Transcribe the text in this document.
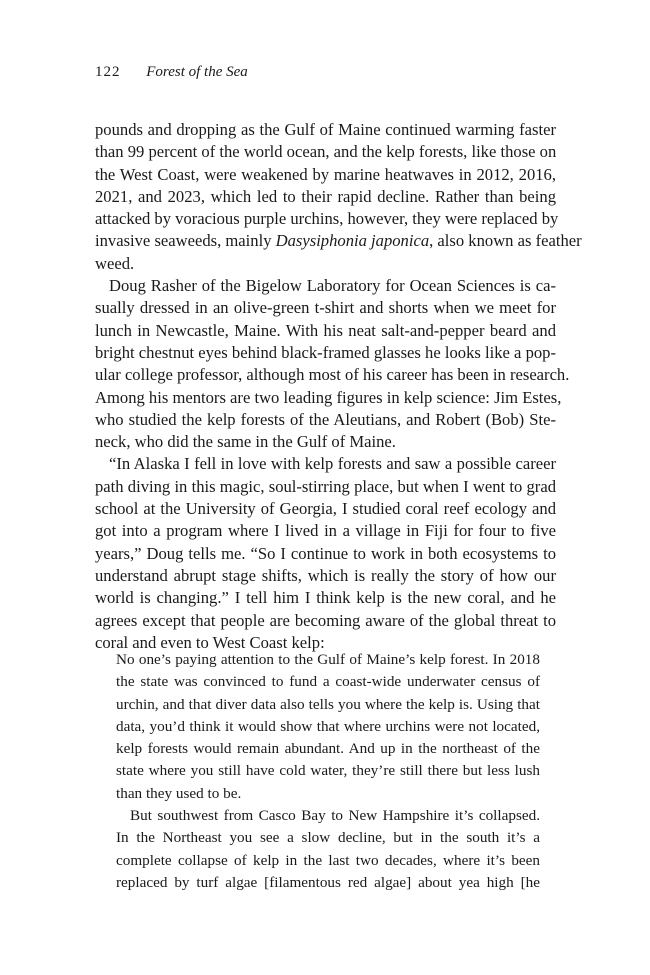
122 Forest of the Sea
pounds and dropping as the Gulf of Maine continued warming faster
than 99 percent of the world ocean, and the kelp forests, like those on
the West Coast, were weakened by marine heatwaves in 2012, 2016,
2021, and 2023, which led to their rapid decline. Rather than being
attacked by voracious purple urchins, however, they were replaced by
invasive seaweeds, mainly Dasysiphonia japonica, also known as feather
weed.
Doug Rasher of the Bigelow Laboratory for Ocean Sciences is ca-
sually dressed in an olive-green t-shirt and shorts when we meet for
lunch in Newcastle, Maine. With his neat salt-and-pepper beard and
bright chestnut eyes behind black-framed glasses he looks like a pop-
ular college professor, although most of his career has been in research.
Among his mentors are two leading figures in kelp science: Jim Estes,
who studied the kelp forests of the Aleutians, and Robert (Bob) Ste-
neck, who did the same in the Gulf of Maine.
“In Alaska I fell in love with kelp forests and saw a possible career
path diving in this magic, soul-stirring place, but when I went to grad
school at the University of Georgia, I studied coral reef ecology and
got into a program where I lived in a village in Fiji for four to five
years,” Doug tells me. “So I continue to work in both ecosystems to
understand abrupt stage shifts, which is really the story of how our
world is changing.” I tell him I think kelp is the new coral, and he
agrees except that people are becoming aware of the global threat to
coral and even to West Coast kelp:
No one’s paying attention to the Gulf of Maine’s kelp forest. In 2018
the state was convinced to fund a coast-wide underwater census of
urchin, and that diver data also tells you where the kelp is. Using that
data, you’d think it would show that where urchins were not located,
kelp forests would remain abundant. And up in the northeast of the
state where you still have cold water, they’re still there but less lush
than they used to be.
But southwest from Casco Bay to New Hampshire it’s collapsed.
In the Northeast you see a slow decline, but in the south it’s a
complete collapse of kelp in the last two decades, where it’s been
replaced by turf algae [filamentous red algae] about yea high [he
